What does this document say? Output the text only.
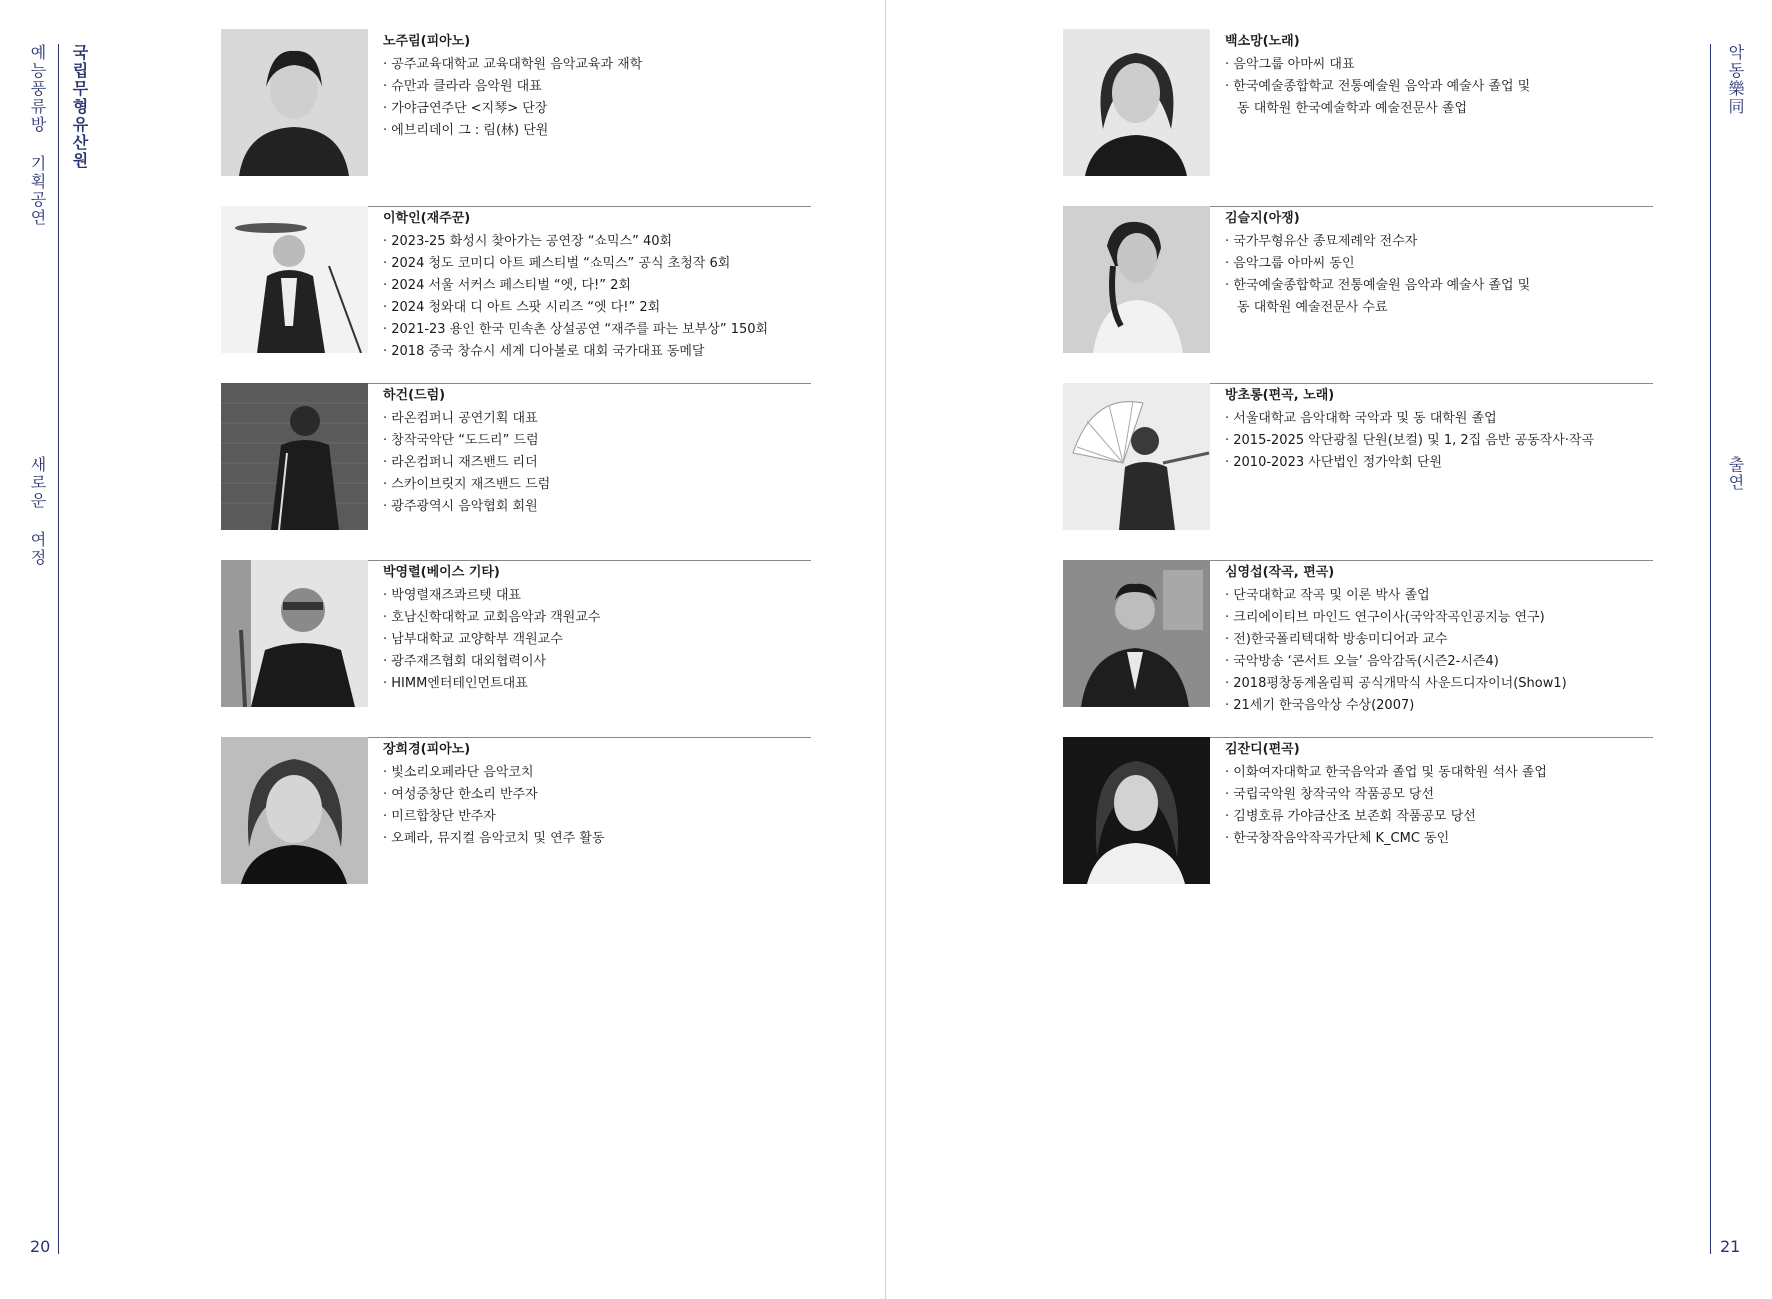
예능풍류방 기획공연
새로운 여정
국립무형유산원
20
노주림(피아노)
· 공주교육대학교 교육대학원 음악교육과 재학
· 슈만과 클라라 음악원 대표
· 가야금연주단 <지琴> 단장
· 에브리데이 그 : 림(林) 단원
이학인(재주꾼)
· 2023-25 화성시 찾아가는 공연장 “쇼믹스” 40회
· 2024 청도 코미디 아트 페스티벌 “쇼믹스” 공식 초청작 6회
· 2024 서울 서커스 페스티벌 “엣, 다!” 2회
· 2024 청와대 디 아트 스팟 시리즈 “엣 다!” 2회
· 2021-23 용인 한국 민속촌 상설공연 “재주를 파는 보부상” 150회
· 2018 중국 창슈시 세계 디아볼로 대회 국가대표 동메달
하건(드럼)
· 라온컴퍼니 공연기획 대표
· 창작국악단 “도드리” 드럼
· 라온컴퍼니 재즈밴드 리더
· 스카이브릿지 재즈밴드 드럼
· 광주광역시 음악협회 회원
박영렬(베이스 기타)
· 박영렬재즈콰르텟 대표
· 호남신학대학교 교회음악과 객원교수
· 남부대학교 교양학부 객원교수
· 광주재즈협회 대외협력이사
· HIMM엔터테인먼트대표
장희경(피아노)
· 빛소리오페라단 음악코치
· 여성중창단 한소리 반주자
· 미르합창단 반주자
· 오페라, 뮤지컬 음악코치 및 연주 활동
악동樂同
출연
21
백소망(노래)
· 음악그룹 아마씨 대표
· 한국예술종합학교 전통예술원 음악과 예술사 졸업 및
동 대학원 한국예술학과 예술전문사 졸업
김슬지(아쟁)
· 국가무형유산 종묘제례악 전수자
· 음악그룹 아마씨 동인
· 한국예술종합학교 전통예술원 음악과 예술사 졸업 및
동 대학원 예술전문사 수료
방초롱(편곡, 노래)
· 서울대학교 음악대학 국악과 및 동 대학원 졸업
· 2015-2025 악단광칠 단원(보컬) 및 1, 2집 음반 공동작사·작곡
· 2010-2023 사단법인 정가악회 단원
심영섭(작곡, 편곡)
· 단국대학교 작곡 및 이론 박사 졸업
· 크리에이티브 마인드 연구이사(국악작곡인공지능 연구)
· 전)한국폴리텍대학 방송미디어과 교수
· 국악방송 ‘콘서트 오늘’ 음악감독(시즌2-시즌4)
· 2018평창동계올림픽 공식개막식 사운드디자이너(Show1)
· 21세기 한국음악상 수상(2007)
김잔디(편곡)
· 이화여자대학교 한국음악과 졸업 및 동대학원 석사 졸업
· 국립국악원 창작국악 작품공모 당선
· 김병호류 가야금산조 보존회 작품공모 당선
· 한국창작음악작곡가단체 K_CMC 동인
